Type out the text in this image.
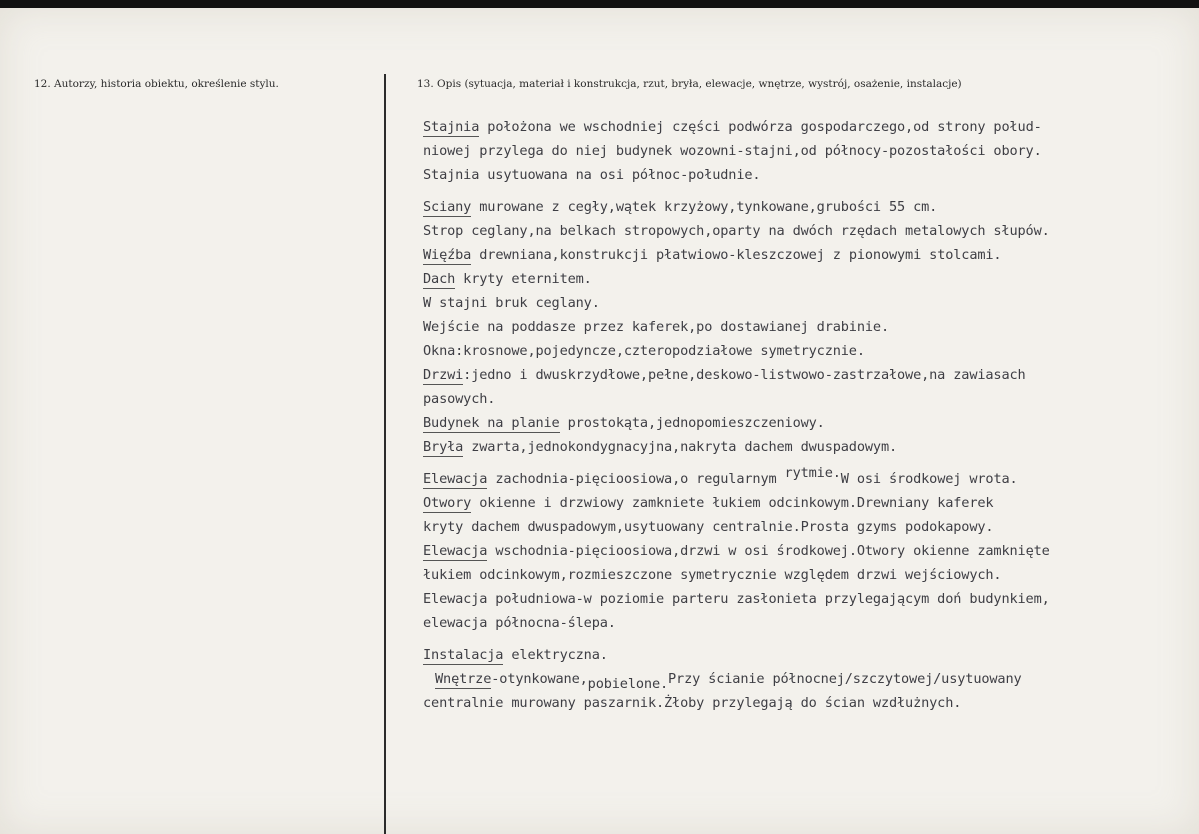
12. Autorzy, historia obiektu, określenie stylu.	13. Opis (sytuacja, materiał i konstrukcja, rzut, bryła, elewacje, wnętrze, wystrój, osażenie, instalacje)
Stajnia położona we wschodniej części podwórza gospodarczego,od strony połud-
niowej przylega do niej budynek wozowni-stajni,od północy-pozostałości obory.
Stajnia usytuowana na osi północ-południe.
Sciany murowane z cegły,wątek krzyżowy,tynkowane,grubości 55 cm.
Strop ceglany,na belkach stropowych,oparty na dwóch rzędach metalowych słupów.
Więźba drewniana,konstrukcji płatwiowo-kleszczowej z pionowymi stolcami.
Dach kryty eternitem.
W stajni bruk ceglany.
Wejście na poddasze przez kaferek,po dostawianej drabinie.
Okna:krosnowe,pojedyncze,czteropodziałowe symetrycznie.
Drzwi:jedno i dwuskrzydłowe,pełne,deskowo-listwowo-zastrzałowe,na zawiasach
pasowych.
Budynek na planie prostokąta,jednopomieszczeniowy.
Bryła zwarta,jednokondygnacyjna,nakryta dachem dwuspadowym.
Elewacja zachodnia-pięcioosiowa,o regularnym rytmie.W osi środkowej wrota.
Otwory okienne i drzwiowy zamkniete łukiem odcinkowym.Drewniany kaferek
kryty dachem dwuspadowym,usytuowany centralnie.Prosta gzyms podokapowy.
Elewacja wschodnia-pięcioosiowa,drzwi w osi środkowej.Otwory okienne zamknięte
łukiem odcinkowym,rozmieszczone symetrycznie względem drzwi wejściowych.
Elewacja południowa-w poziomie parteru zasłonieta przylegającym doń budynkiem,
elewacja północna-ślepa.
Instalacja elektryczna.
Wnętrze-otynkowane,pobielone.Przy ścianie północnej/szczytowej/usytuowany
centralnie murowany paszarnik.Żłoby przylegają do ścian wzdłużnych.
